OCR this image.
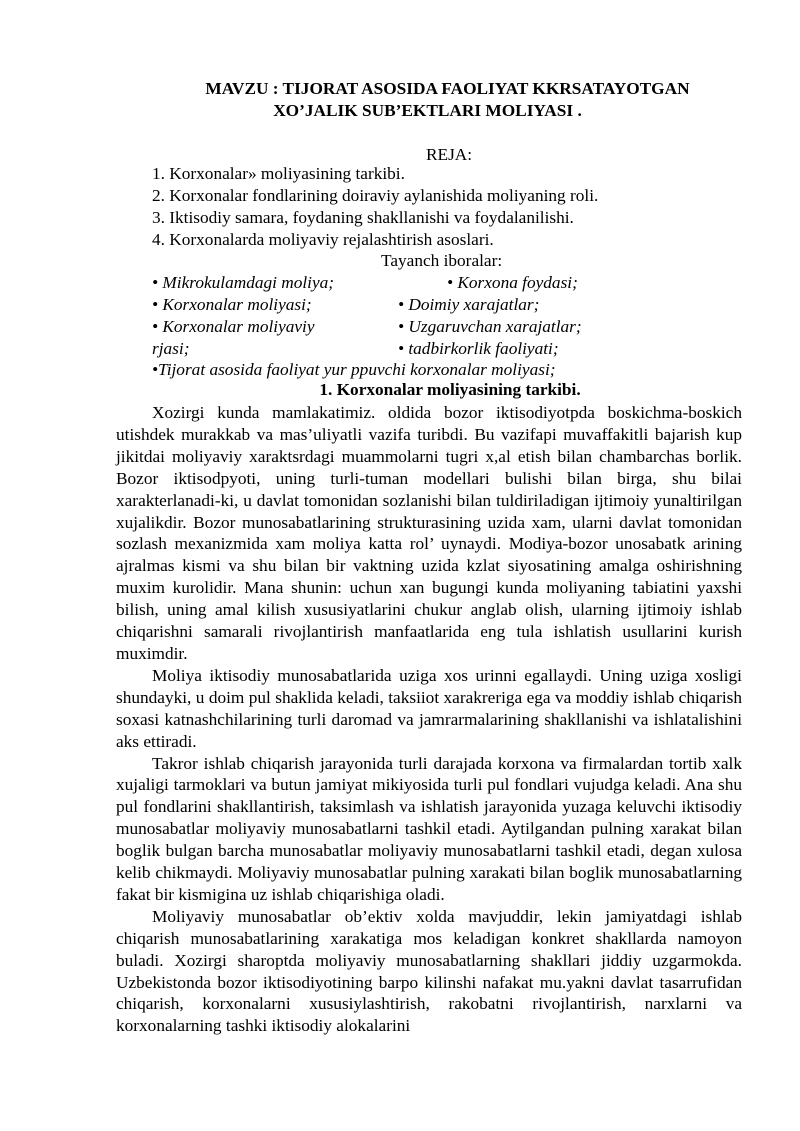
MAVZU : TIJORAT ASOSIDA FAOLIYAT KKRSATAYOTGAN
XO’JALIK SUB’EKTLARI MOLIYASI .
REJA:
1. Korxonalar» moliyasining tarkibi.
2. Korxonalar fondlarining doiraviy aylanishida moliyaning roli.
3. Iktisodiy samara, foydaning shakllanishi va foydalanilishi.
4. Korxonalarda moliyaviy rejalashtirish asoslari.
Tayanch iboralar:
• Mikrokulamdagi moliya;	• Korxona foydasi;
• Korxonalar moliyasi;	• Doimiy xarajatlar;
• Korxonalar moliyaviy	• Uzgaruvchan xarajatlar;
rjasi;	• tadbirkorlik faoliyati;
•Tijorat asosida faoliyat yur ppuvchi korxonalar moliyasi;
1. Korxonalar moliyasining tarkibi.

Xozirgi kunda mamlakatimiz. oldida bozor iktisodiyotpda boskichma-boskich utishdek murakkab va mas’uliyatli vazifa turibdi. Bu vazifapi muvaffakitli bajarish kup jikitdai moliyaviy xaraktsrdagi muammolarni tugri x,al etish bilan chambarchas borlik. Bozor iktisodpyoti, uning turli-tuman modellari bulishi bilan birga, shu bilai xarakterlanadi-ki, u davlat tomonidan sozlanishi bilan tuldiriladigan ijtimoiy yunaltirilgan xujalikdir. Bozor munosabatlarining strukturasining uzida xam, ularni davlat tomonidan sozlash mexanizmida xam moliya katta rol’ uynaydi. Modiya-bozor unosabatk arining ajralmas kismi va shu bilan bir vaktning uzida kzlat siyosatining amalga oshirishning muxim kurolidir. Mana shunin: uchun xan bugungi kunda moliyaning tabiatini yaxshi bilish, uning amal kilish xususiyatlarini chukur anglab olish, ularning ijtimoiy ishlab chiqarishni samarali rivojlantirish manfaatlarida eng tula ishlatish usullarini kurish muximdir.

Moliya iktisodiy munosabatlarida uziga xos urinni egallaydi. Uning uziga xosligi shundayki, u doim pul shaklida keladi, taksiiot xarakreriga ega va moddiy ishlab chiqarish soxasi katnashchilarining turli daromad va jamrarmalarining shakllanishi va ishlatalishini aks ettiradi.

Takror ishlab chiqarish jarayonida turli darajada korxona va firmalardan tortib xalk xujaligi tarmoklari va butun jamiyat mikiyosida turli pul fondlari vujudga keladi. Ana shu pul fondlarini shakllantirish, taksimlash va ishlatish jarayonida yuzaga keluvchi iktisodiy munosabatlar moliyaviy munosabatlarni tashkil etadi. Aytilgandan pulning xarakat bilan boglik bulgan barcha munosabatlar moliyaviy munosabatlarni tashkil etadi, degan xulosa kelib chikmaydi. Moliyaviy munosabatlar pulning xarakati bilan boglik munosabatlarning fakat bir kismigina uz ishlab chiqarishiga oladi.

Moliyaviy munosabatlar ob’ektiv xolda mavjuddir, lekin jamiyatdagi ishlab chiqarish munosabatlarining xarakatiga mos keladigan konkret shakllarda namoyon buladi. Xozirgi sharoptda moliyaviy munosabatlarning shakllari jiddiy uzgarmokda. Uzbekistonda bozor iktisodiyotining barpo kilinshi nafakat mu.yakni davlat tasarrufidan chiqarish, korxonalarni xususiylashtirish, rakobatni rivojlantirish, narxlarni va korxonalarning tashki iktisodiy alokalarini
